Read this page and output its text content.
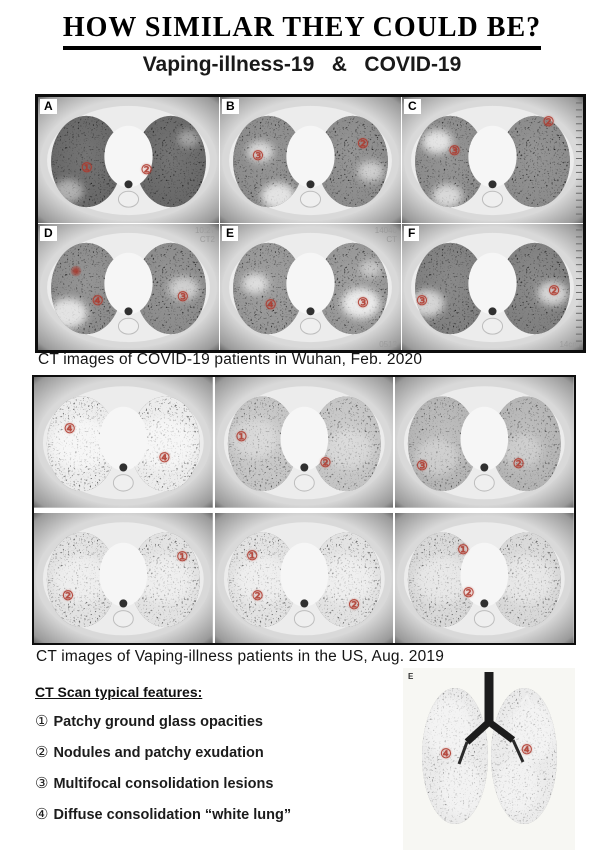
HOW SIMILAR THEY COULD BE?
Vaping-illness-19   &   COVID-19
A
①	②
B
③
②
C
③
②
D	10:27
CT2
④	③
E	14040
CT
0512
④	③
F
14cm
③
②
CT images of COVID-19 patients in Wuhan, Feb. 2020
④
④
①
②	③	②
①
②
①
②
②
①
②
CT images of Vaping-illness patients in the US, Aug. 2019
CT Scan typical features:
① Patchy ground glass opacities
② Nodules and patchy exudation
③ Multifocal consolidation lesions
④ Diffuse consolidation “white lung”
E
④	④
